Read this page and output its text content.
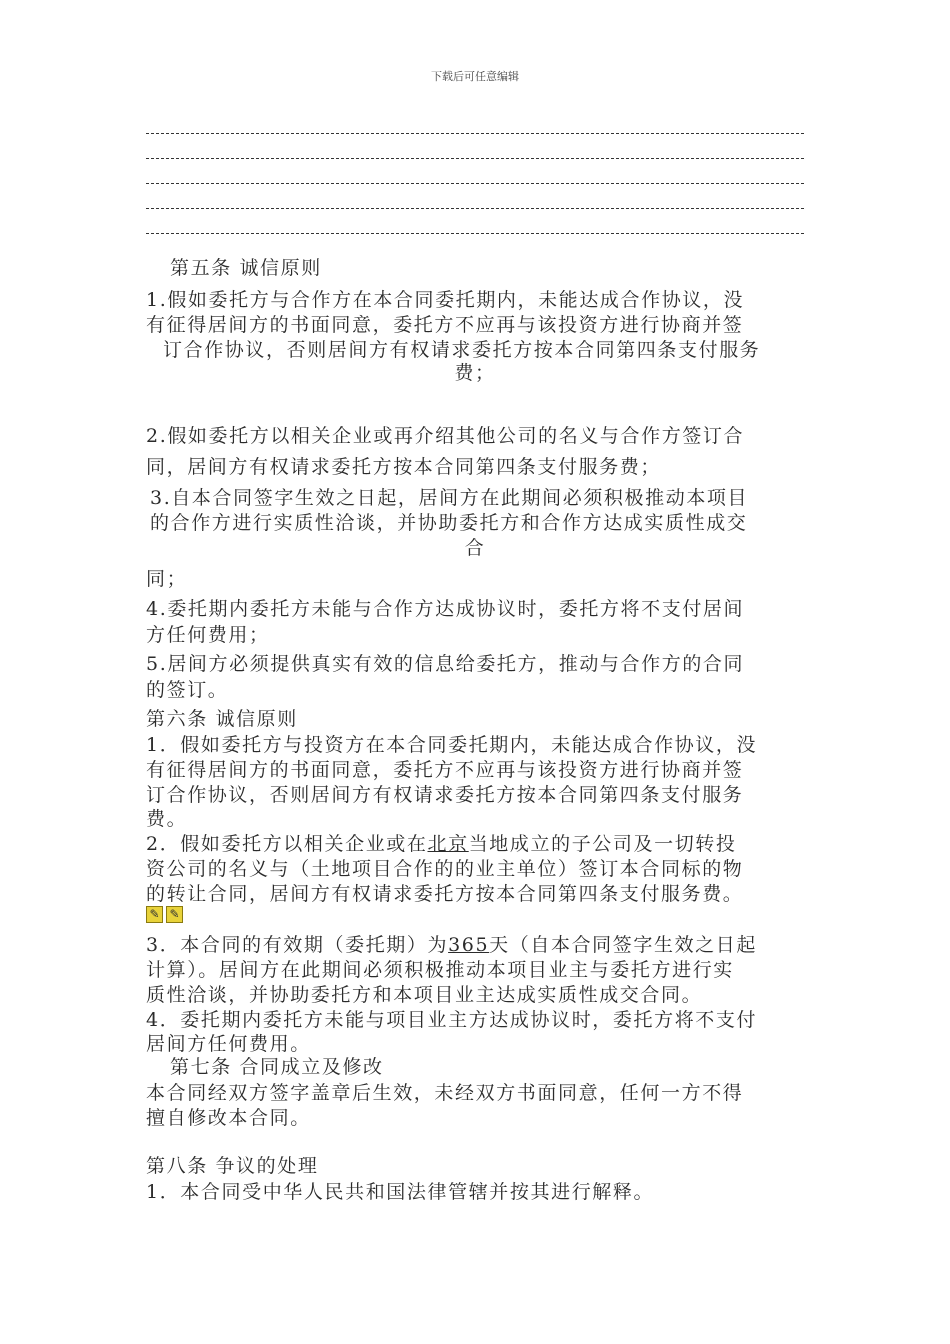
下载后可任意编辑
第五条 诚信原则
1.假如委托方与合作方在本合同委托期内，未能达成合作协议，没
有征得居间方的书面同意，委托方不应再与该投资方进行协商并签
订合作协议，否则居间方有权请求委托方按本合同第四条支付服务
费；
2.假如委托方以相关企业或再介绍其他公司的名义与合作方签订合
同，居间方有权请求委托方按本合同第四条支付服务费；
3.自本合同签字生效之日起，居间方在此期间必须积极推动本项目
的合作方进行实质性洽谈，并协助委托方和合作方达成实质性成交
合
同；
4.委托期内委托方未能与合作方达成协议时，委托方将不支付居间
方任何费用；
5.居间方必须提供真实有效的信息给委托方，推动与合作方的合同
的签订。
第六条 诚信原则
1．假如委托方与投资方在本合同委托期内，未能达成合作协议，没
有征得居间方的书面同意，委托方不应再与该投资方进行协商并签
订合作协议，否则居间方有权请求委托方按本合同第四条支付服务
费。
2．假如委托方以相关企业或在北京当地成立的子公司及一切转投
资公司的名义与（土地项目合作的的业主单位）签订本合同标的物
的转让合同，居间方有权请求委托方按本合同第四条支付服务费。
✎ ✎
3．本合同的有效期（委托期）为365天（自本合同签字生效之日起
计算）。居间方在此期间必须积极推动本项目业主与委托方进行实
质性洽谈，并协助委托方和本项目业主达成实质性成交合同。
4．委托期内委托方未能与项目业主方达成协议时，委托方将不支付
居间方任何费用。
第七条 合同成立及修改
本合同经双方签字盖章后生效，未经双方书面同意，任何一方不得
擅自修改本合同。
第八条 争议的处理
1．本合同受中华人民共和国法律管辖并按其进行解释。
